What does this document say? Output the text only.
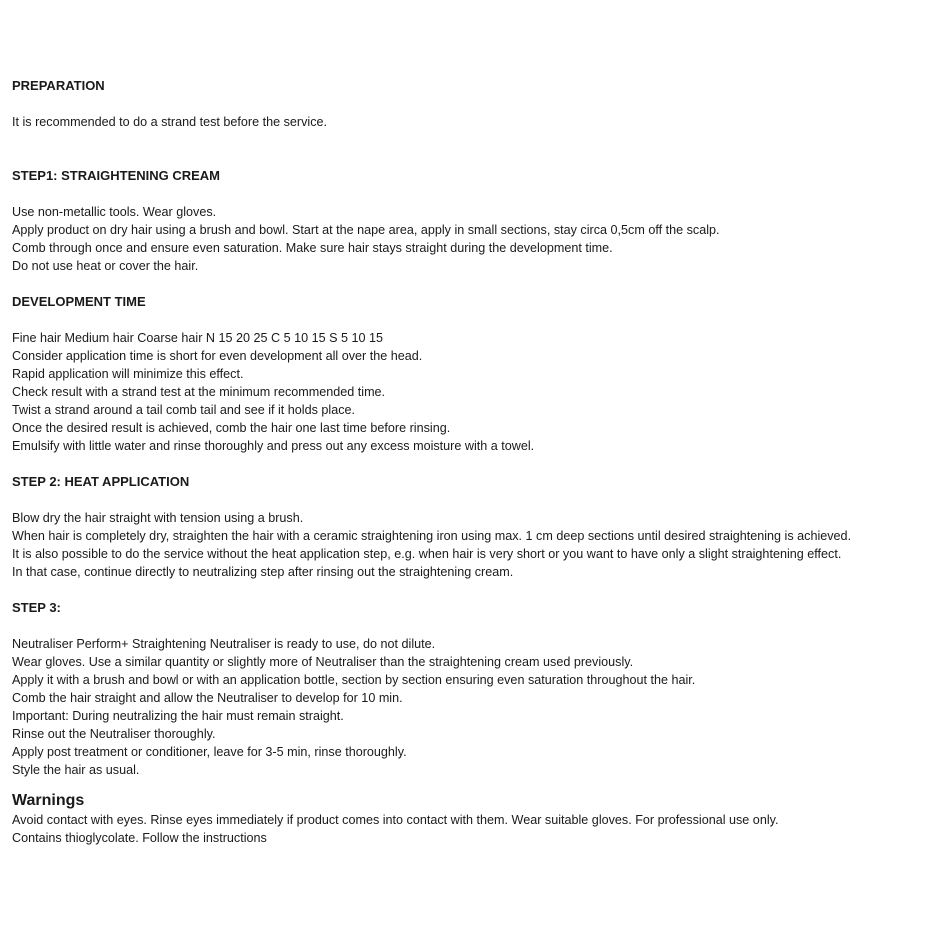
PREPARATION
It is recommended to do a strand test before the service.
STEP1: STRAIGHTENING CREAM
Use non-metallic tools. Wear gloves.
Apply product on dry hair using a brush and bowl. Start at the nape area, apply in small sections, stay circa 0,5cm off the scalp.
Comb through once and ensure even saturation. Make sure hair stays straight during the development time.
Do not use heat or cover the hair.
DEVELOPMENT TIME
Fine hair Medium hair Coarse hair N 15 20 25 C 5 10 15 S 5 10 15
Consider application time is short for even development all over the head.
Rapid application will minimize this effect.
Check result with a strand test at the minimum recommended time.
Twist a strand around a tail comb tail and see if it holds place.
Once the desired result is achieved, comb the hair one last time before rinsing.
Emulsify with little water and rinse thoroughly and press out any excess moisture with a towel.
STEP 2: HEAT APPLICATION
Blow dry the hair straight with tension using a brush.
When hair is completely dry, straighten the hair with a ceramic straightening iron using max. 1 cm deep sections until desired straightening is achieved.
It is also possible to do the service without the heat application step, e.g. when hair is very short or you want to have only a slight straightening effect.
In that case, continue directly to neutralizing step after rinsing out the straightening cream.
STEP 3:
Neutraliser Perform+ Straightening Neutraliser is ready to use, do not dilute.
Wear gloves. Use a similar quantity or slightly more of Neutraliser than the straightening cream used previously.
Apply it with a brush and bowl or with an application bottle, section by section ensuring even saturation throughout the hair.
Comb the hair straight and allow the Neutraliser to develop for 10 min.
Important: During neutralizing the hair must remain straight.
Rinse out the Neutraliser thoroughly.
Apply post treatment or conditioner, leave for 3-5 min, rinse thoroughly.
Style the hair as usual.
Warnings
Avoid contact with eyes. Rinse eyes immediately if product comes into contact with them. Wear suitable gloves. For professional use only. Contains thioglycolate. Follow the instructions
